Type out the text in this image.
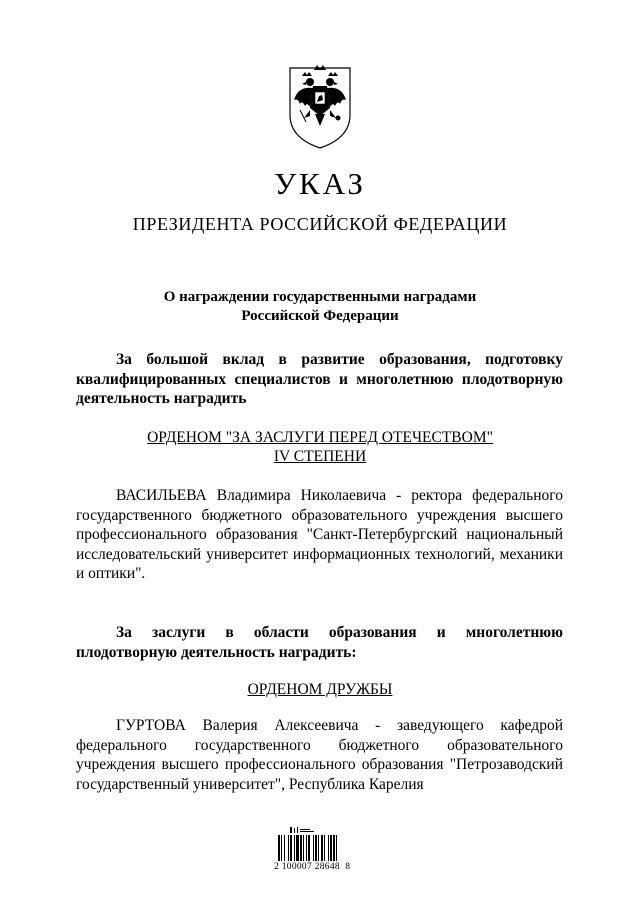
УКАЗ
ПРЕЗИДЕНТА РОССИЙСКОЙ ФЕДЕРАЦИИ
О награждении государственными наградами
Российской Федерации
За большой вклад в развитие образования, подготовку квалифицированных специалистов и многолетнюю плодотворную деятельность наградить
ОРДЕНОМ "ЗА ЗАСЛУГИ ПЕРЕД ОТЕЧЕСТВОМ"
IV СТЕПЕНИ
ВАСИЛЬЕВА Владимира Николаевича - ректора федерального государственного бюджетного образовательного учреждения высшего профессионального образования "Санкт-Петербургский национальный исследовательский университет информационных технологий, механики и оптики".
За заслуги в области образования и многолетнюю плодотворную деятельность наградить:
ОРДЕНОМ ДРУЖБЫ
ГУРТОВА Валерия Алексеевича - заведующего кафедрой федерального государственного бюджетного образовательного учреждения высшего профессионального образования "Петрозаводский государственный университет", Республика Карелия
2 100007 28648  8
